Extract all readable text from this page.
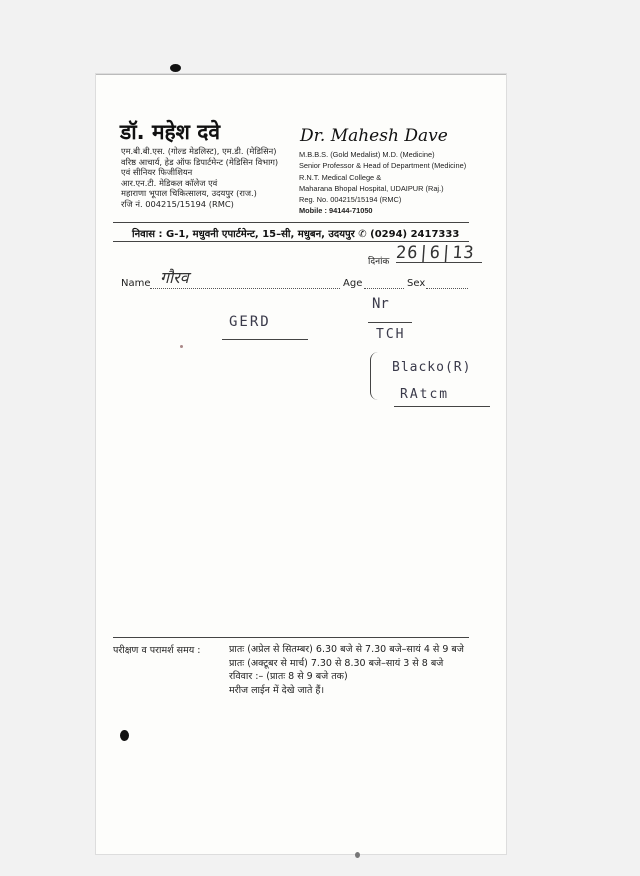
डॉ. महेश दवे
एम.बी.बी.एस. (गोल्ड मेडलिस्ट), एम.डी. (मेडिसिन)
वरिष्ठ आचार्य, हेड ऑफ डिपार्टमेन्ट (मेडिसिन विभाग)
एवं सीनियर फिजीशियन
आर.एन.टी. मेडिकल कॉलेज एवं
महाराणा भूपाल चिकित्सालय, उदयपुर (राज.)
रजि नं. 004215/15194 (RMC)
Dr. Mahesh Dave
M.B.B.S. (Gold Medalist) M.D. (Medicine)
Senior Professor & Head of Department (Medicine)
R.N.T. Medical College &
Maharana Bhopal Hospital, UDAIPUR (Raj.)
Reg. No. 004215/15194 (RMC)
Mobile : 94144-71050
निवास : G-1, मधुवनी एपार्टमेन्ट, 15–सी, मधुबन, उदयपुर ✆ (0294) 2417333
दिनांक 26|6|13
Name गौरव	Age	Sex
GERD
Nr
TCH
Blacko(R)
RAtcm
परीक्षण व परामर्श समय :	प्रातः (अप्रेल से सितम्बर) 6.30 बजे से 7.30 बजे–सायं 4 से 9 बजे
प्रातः (अक्टूबर से मार्च) 7.30 से 8.30 बजे–सायं 3 से 8 बजे
रविवार :– (प्रातः 8 से 9 बजे तक)
मरीज लाईन में देखे जाते हैं।
